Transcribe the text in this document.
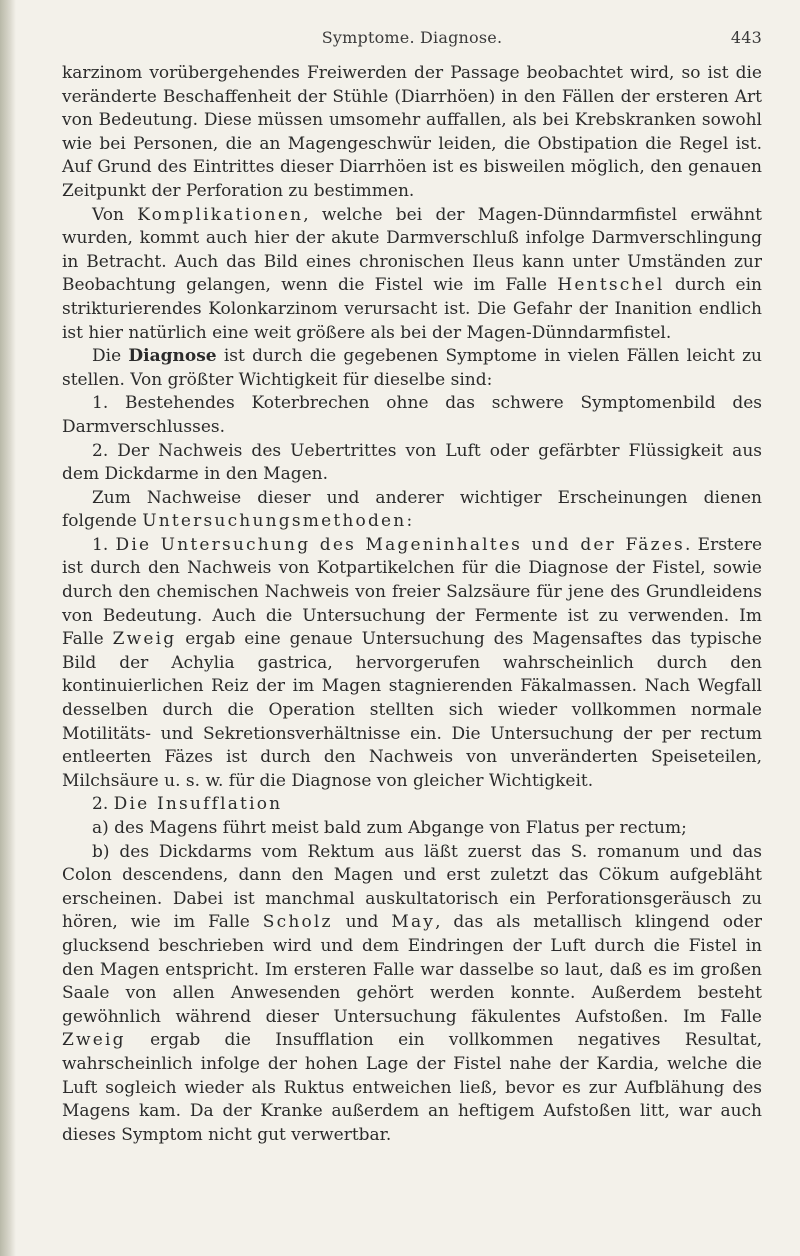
Symptome. Diagnose.	443

karzinom vorübergehendes Freiwerden der Passage beobachtet wird, so ist die veränderte Beschaffenheit der Stühle (Diarrhöen) in den Fällen der ersteren Art von Bedeutung. Diese müssen umsomehr auffallen, als bei Krebskranken sowohl wie bei Personen, die an Magengeschwür leiden, die Obstipation die Regel ist. Auf Grund des Eintrittes dieser Diarrhöen ist es bisweilen möglich, den genauen Zeitpunkt der Perforation zu bestimmen.

Von Komplikationen, welche bei der Magen-Dünndarmfistel erwähnt wurden, kommt auch hier der akute Darmverschluß infolge Darmverschlingung in Betracht. Auch das Bild eines chronischen Ileus kann unter Umständen zur Beobachtung gelangen, wenn die Fistel wie im Falle Hentschel durch ein strikturierendes Kolonkarzinom verursacht ist. Die Gefahr der Inanition endlich ist hier natürlich eine weit größere als bei der Magen-Dünndarmfistel.

Die Diagnose ist durch die gegebenen Symptome in vielen Fällen leicht zu stellen. Von größter Wichtigkeit für dieselbe sind:

1. Bestehendes Koterbrechen ohne das schwere Symptomenbild des Darmverschlusses.

2. Der Nachweis des Uebertrittes von Luft oder gefärbter Flüssigkeit aus dem Dickdarme in den Magen.

Zum Nachweise dieser und anderer wichtiger Erscheinungen dienen folgende Untersuchungsmethoden:

1. Die Untersuchung des Mageninhaltes und der Fäzes. Erstere ist durch den Nachweis von Kotpartikelchen für die Diagnose der Fistel, sowie durch den chemischen Nachweis von freier Salzsäure für jene des Grundleidens von Bedeutung. Auch die Untersuchung der Fermente ist zu verwenden. Im Falle Zweig ergab eine genaue Untersuchung des Magensaftes das typische Bild der Achylia gastrica, hervorgerufen wahrscheinlich durch den kontinuierlichen Reiz der im Magen stagnierenden Fäkalmassen. Nach Wegfall desselben durch die Operation stellten sich wieder vollkommen normale Motilitäts- und Sekretionsverhältnisse ein. Die Untersuchung der per rectum entleerten Fäzes ist durch den Nachweis von unveränderten Speiseteilen, Milchsäure u. s. w. für die Diagnose von gleicher Wichtigkeit.

2. Die Insufflation

a) des Magens führt meist bald zum Abgange von Flatus per rectum;

b) des Dickdarms vom Rektum aus läßt zuerst das S. romanum und das Colon descendens, dann den Magen und erst zuletzt das Cökum aufgebläht erscheinen. Dabei ist manchmal auskultatorisch ein Perforationsgeräusch zu hören, wie im Falle Scholz und May, das als metallisch klingend oder glucksend beschrieben wird und dem Eindringen der Luft durch die Fistel in den Magen entspricht. Im ersteren Falle war dasselbe so laut, daß es im großen Saale von allen Anwesenden gehört werden konnte. Außerdem besteht gewöhnlich während dieser Untersuchung fäkulentes Aufstoßen. Im Falle Zweig ergab die Insufflation ein vollkommen negatives Resultat, wahrscheinlich infolge der hohen Lage der Fistel nahe der Kardia, welche die Luft sogleich wieder als Ruktus entweichen ließ, bevor es zur Aufblähung des Magens kam. Da der Kranke außerdem an heftigem Aufstoßen litt, war auch dieses Symptom nicht gut verwertbar.
